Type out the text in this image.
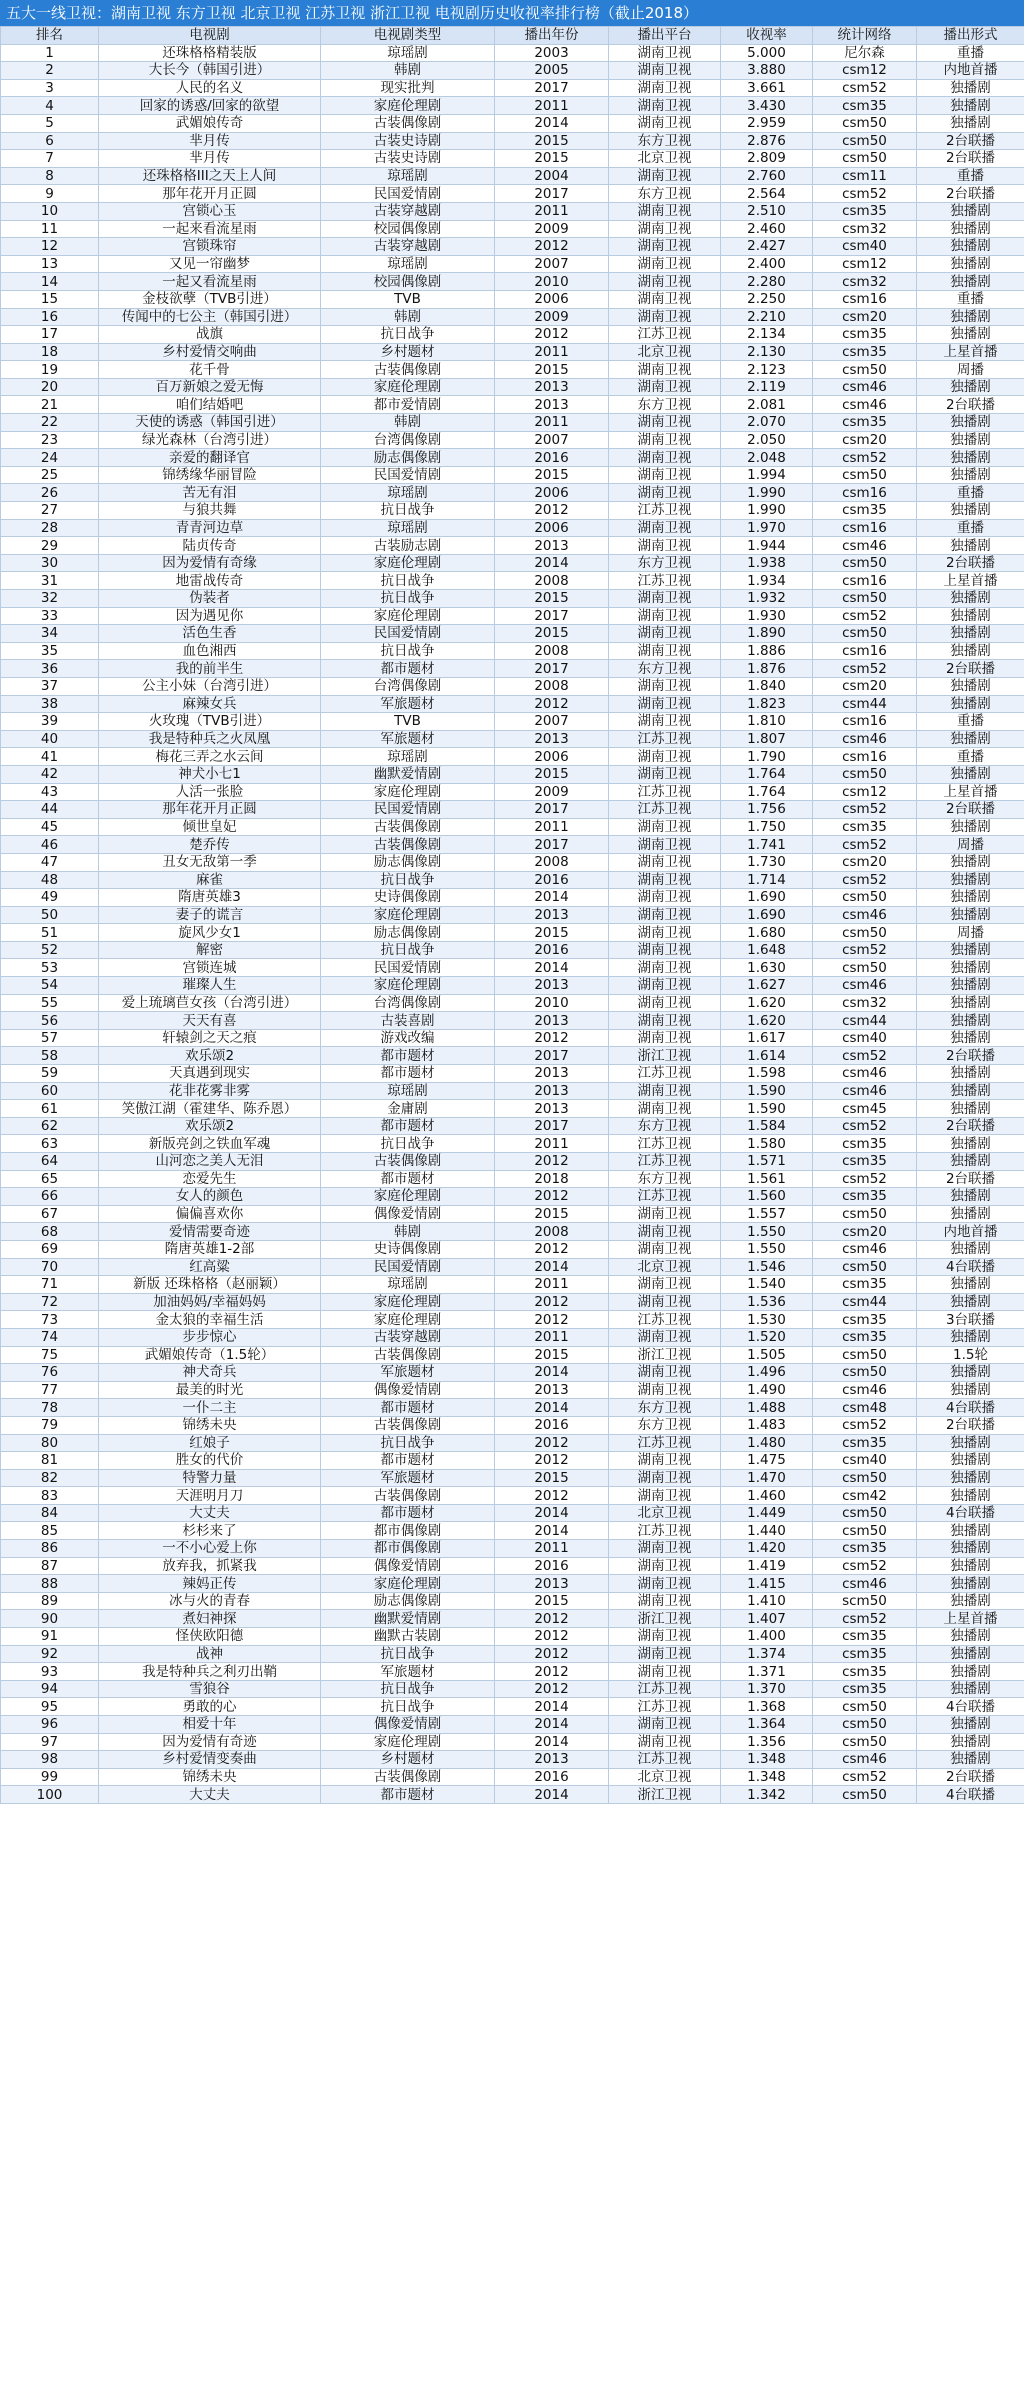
五大一线卫视：湖南卫视 东方卫视 北京卫视 江苏卫视 浙江卫视 电视剧历史收视率排行榜（截止2018）
排名	电视剧	电视剧类型	播出年份	播出平台	收视率	统计网络	播出形式
1	还珠格格精装版	琼瑶剧	2003	湖南卫视	5.000	尼尔森	重播
2	大长今（韩国引进）	韩剧	2005	湖南卫视	3.880	csm12	内地首播
3	人民的名义	现实批判	2017	湖南卫视	3.661	csm52	独播剧
4	回家的诱惑/回家的欲望	家庭伦理剧	2011	湖南卫视	3.430	csm35	独播剧
5	武媚娘传奇	古装偶像剧	2014	湖南卫视	2.959	csm50	独播剧
6	芈月传	古装史诗剧	2015	东方卫视	2.876	csm50	2台联播
7	芈月传	古装史诗剧	2015	北京卫视	2.809	csm50	2台联播
8	还珠格格III之天上人间	琼瑶剧	2004	湖南卫视	2.760	csm11	重播
9	那年花开月正圆	民国爱情剧	2017	东方卫视	2.564	csm52	2台联播
10	宫锁心玉	古装穿越剧	2011	湖南卫视	2.510	csm35	独播剧
11	一起来看流星雨	校园偶像剧	2009	湖南卫视	2.460	csm32	独播剧
12	宫锁珠帘	古装穿越剧	2012	湖南卫视	2.427	csm40	独播剧
13	又见一帘幽梦	琼瑶剧	2007	湖南卫视	2.400	csm12	独播剧
14	一起又看流星雨	校园偶像剧	2010	湖南卫视	2.280	csm32	独播剧
15	金枝欲孽（TVB引进）	TVB	2006	湖南卫视	2.250	csm16	重播
16	传闻中的七公主（韩国引进）	韩剧	2009	湖南卫视	2.210	csm20	独播剧
17	战旗	抗日战争	2012	江苏卫视	2.134	csm35	独播剧
18	乡村爱情交响曲	乡村题材	2011	北京卫视	2.130	csm35	上星首播
19	花千骨	古装偶像剧	2015	湖南卫视	2.123	csm50	周播
20	百万新娘之爱无悔	家庭伦理剧	2013	湖南卫视	2.119	csm46	独播剧
21	咱们结婚吧	都市爱情剧	2013	东方卫视	2.081	csm46	2台联播
22	天使的诱惑（韩国引进）	韩剧	2011	湖南卫视	2.070	csm35	独播剧
23	绿光森林（台湾引进）	台湾偶像剧	2007	湖南卫视	2.050	csm20	独播剧
24	亲爱的翻译官	励志偶像剧	2016	湖南卫视	2.048	csm52	独播剧
25	锦绣缘华丽冒险	民国爱情剧	2015	湖南卫视	1.994	csm50	独播剧
26	苦无有泪	琼瑶剧	2006	湖南卫视	1.990	csm16	重播
27	与狼共舞	抗日战争	2012	江苏卫视	1.990	csm35	独播剧
28	青青河边草	琼瑶剧	2006	湖南卫视	1.970	csm16	重播
29	陆贞传奇	古装励志剧	2013	湖南卫视	1.944	csm46	独播剧
30	因为爱情有奇缘	家庭伦理剧	2014	东方卫视	1.938	csm50	2台联播
31	地雷战传奇	抗日战争	2008	江苏卫视	1.934	csm16	上星首播
32	伪装者	抗日战争	2015	湖南卫视	1.932	csm50	独播剧
33	因为遇见你	家庭伦理剧	2017	湖南卫视	1.930	csm52	独播剧
34	活色生香	民国爱情剧	2015	湖南卫视	1.890	csm50	独播剧
35	血色湘西	抗日战争	2008	湖南卫视	1.886	csm16	独播剧
36	我的前半生	都市题材	2017	东方卫视	1.876	csm52	2台联播
37	公主小妹（台湾引进）	台湾偶像剧	2008	湖南卫视	1.840	csm20	独播剧
38	麻辣女兵	军旅题材	2012	湖南卫视	1.823	csm44	独播剧
39	火玫瑰（TVB引进）	TVB	2007	湖南卫视	1.810	csm16	重播
40	我是特种兵之火凤凰	军旅题材	2013	江苏卫视	1.807	csm46	独播剧
41	梅花三弄之水云间	琼瑶剧	2006	湖南卫视	1.790	csm16	重播
42	神犬小七1	幽默爱情剧	2015	湖南卫视	1.764	csm50	独播剧
43	人活一张脸	家庭伦理剧	2009	江苏卫视	1.764	csm12	上星首播
44	那年花开月正圆	民国爱情剧	2017	江苏卫视	1.756	csm52	2台联播
45	倾世皇妃	古装偶像剧	2011	湖南卫视	1.750	csm35	独播剧
46	楚乔传	古装偶像剧	2017	湖南卫视	1.741	csm52	周播
47	丑女无敌第一季	励志偶像剧	2008	湖南卫视	1.730	csm20	独播剧
48	麻雀	抗日战争	2016	湖南卫视	1.714	csm52	独播剧
49	隋唐英雄3	史诗偶像剧	2014	湖南卫视	1.690	csm50	独播剧
50	妻子的谎言	家庭伦理剧	2013	湖南卫视	1.690	csm46	独播剧
51	旋风少女1	励志偶像剧	2015	湖南卫视	1.680	csm50	周播
52	解密	抗日战争	2016	湖南卫视	1.648	csm52	独播剧
53	宫锁连城	民国爱情剧	2014	湖南卫视	1.630	csm50	独播剧
54	璀璨人生	家庭伦理剧	2013	湖南卫视	1.627	csm46	独播剧
55	爱上琉璃苣女孩（台湾引进）	台湾偶像剧	2010	湖南卫视	1.620	csm32	独播剧
56	天天有喜	古装喜剧	2013	湖南卫视	1.620	csm44	独播剧
57	轩辕剑之天之痕	游戏改编	2012	湖南卫视	1.617	csm40	独播剧
58	欢乐颂2	都市题材	2017	浙江卫视	1.614	csm52	2台联播
59	天真遇到现实	都市题材	2013	江苏卫视	1.598	csm46	独播剧
60	花非花雾非雾	琼瑶剧	2013	湖南卫视	1.590	csm46	独播剧
61	笑傲江湖（霍建华、陈乔恩）	金庸剧	2013	湖南卫视	1.590	csm45	独播剧
62	欢乐颂2	都市题材	2017	东方卫视	1.584	csm52	2台联播
63	新版亮剑之铁血军魂	抗日战争	2011	江苏卫视	1.580	csm35	独播剧
64	山河恋之美人无泪	古装偶像剧	2012	江苏卫视	1.571	csm35	独播剧
65	恋爱先生	都市题材	2018	东方卫视	1.561	csm52	2台联播
66	女人的颜色	家庭伦理剧	2012	江苏卫视	1.560	csm35	独播剧
67	偏偏喜欢你	偶像爱情剧	2015	湖南卫视	1.557	csm50	独播剧
68	爱情需要奇迹	韩剧	2008	湖南卫视	1.550	csm20	内地首播
69	隋唐英雄1-2部	史诗偶像剧	2012	湖南卫视	1.550	csm46	独播剧
70	红高粱	民国爱情剧	2014	北京卫视	1.546	csm50	4台联播
71	新版 还珠格格（赵丽颖）	琼瑶剧	2011	湖南卫视	1.540	csm35	独播剧
72	加油妈妈/幸福妈妈	家庭伦理剧	2012	湖南卫视	1.536	csm44	独播剧
73	金太狼的幸福生活	家庭伦理剧	2012	江苏卫视	1.530	csm35	3台联播
74	步步惊心	古装穿越剧	2011	湖南卫视	1.520	csm35	独播剧
75	武媚娘传奇（1.5轮）	古装偶像剧	2015	浙江卫视	1.505	csm50	1.5轮
76	神犬奇兵	军旅题材	2014	湖南卫视	1.496	csm50	独播剧
77	最美的时光	偶像爱情剧	2013	湖南卫视	1.490	csm46	独播剧
78	一仆二主	都市题材	2014	东方卫视	1.488	csm48	4台联播
79	锦绣未央	古装偶像剧	2016	东方卫视	1.483	csm52	2台联播
80	红娘子	抗日战争	2012	江苏卫视	1.480	csm35	独播剧
81	胜女的代价	都市题材	2012	湖南卫视	1.475	csm40	独播剧
82	特警力量	军旅题材	2015	湖南卫视	1.470	csm50	独播剧
83	天涯明月刀	古装偶像剧	2012	湖南卫视	1.460	csm42	独播剧
84	大丈夫	都市题材	2014	北京卫视	1.449	csm50	4台联播
85	杉杉来了	都市偶像剧	2014	江苏卫视	1.440	csm50	独播剧
86	一不小心爱上你	都市偶像剧	2011	湖南卫视	1.420	csm35	独播剧
87	放弃我，抓紧我	偶像爱情剧	2016	湖南卫视	1.419	csm52	独播剧
88	辣妈正传	家庭伦理剧	2013	湖南卫视	1.415	csm46	独播剧
89	冰与火的青春	励志偶像剧	2015	湖南卫视	1.410	scm50	独播剧
90	煮妇神探	幽默爱情剧	2012	浙江卫视	1.407	csm52	上星首播
91	怪侠欧阳德	幽默古装剧	2012	湖南卫视	1.400	csm35	独播剧
92	战神	抗日战争	2012	湖南卫视	1.374	csm35	独播剧
93	我是特种兵之利刃出鞘	军旅题材	2012	湖南卫视	1.371	csm35	独播剧
94	雪狼谷	抗日战争	2012	江苏卫视	1.370	csm35	独播剧
95	勇敢的心	抗日战争	2014	江苏卫视	1.368	csm50	4台联播
96	相爱十年	偶像爱情剧	2014	湖南卫视	1.364	csm50	独播剧
97	因为爱情有奇迹	家庭伦理剧	2014	湖南卫视	1.356	csm50	独播剧
98	乡村爱情变奏曲	乡村题材	2013	江苏卫视	1.348	csm46	独播剧
99	锦绣未央	古装偶像剧	2016	北京卫视	1.348	csm52	2台联播
100	大丈夫	都市题材	2014	浙江卫视	1.342	csm50	4台联播
